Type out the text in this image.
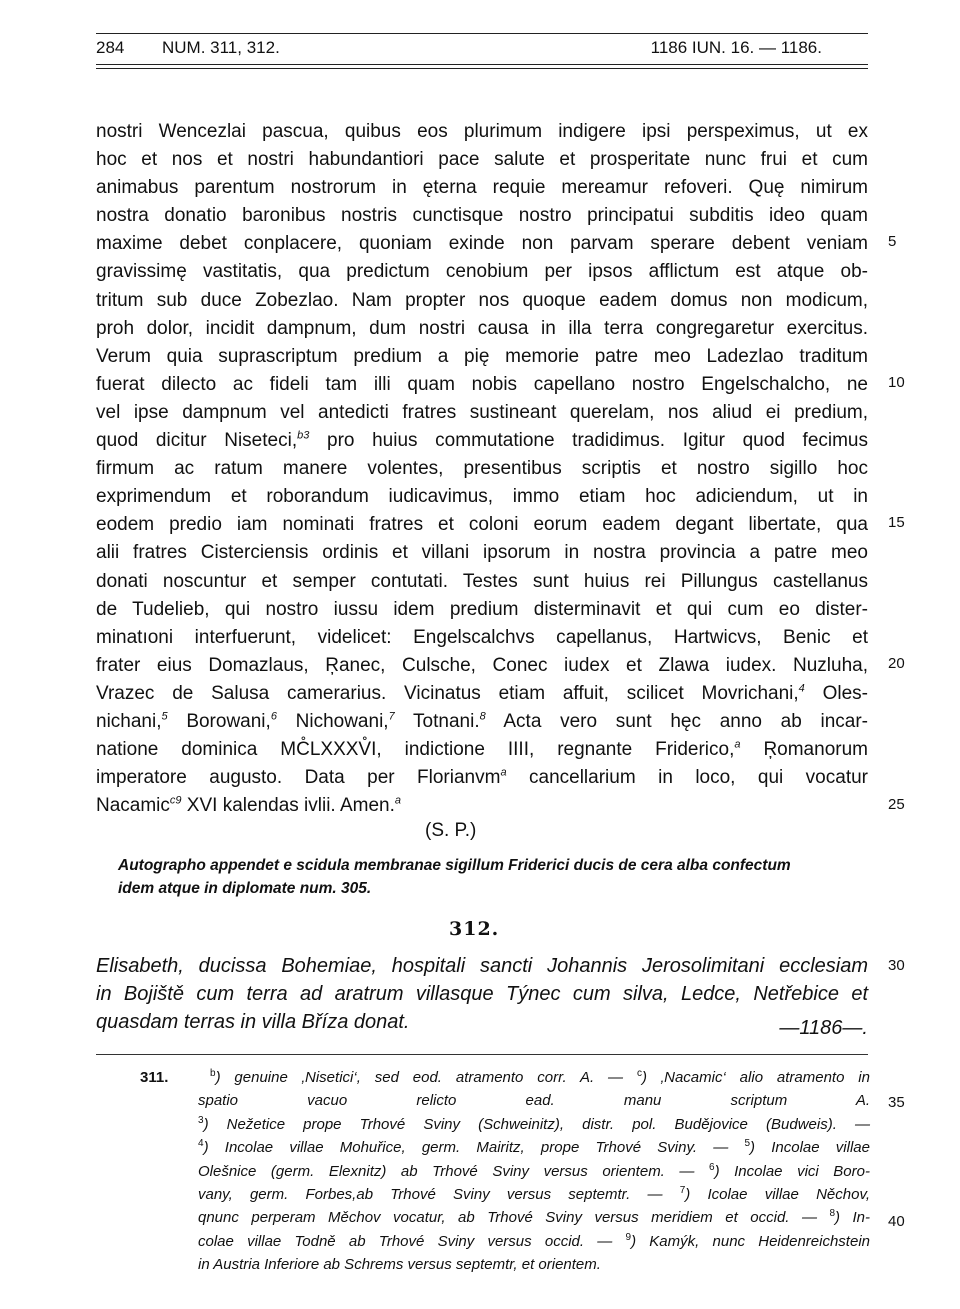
284 NUM. 311, 312.	1186 IUN. 16. — 1186.
nostri Wencezlai pascua, quibus eos plurimum indigere ipsi perspeximus, ut ex
hoc et nos et nostri habundantiori pace salute et prosperitate nunc frui et cum
animabus parentum nostrorum in ęterna requie mereamur refoveri. Quę nimirum
nostra donatio baronibus nostris cunctisque nostro principatui subditis ideo quam
maxime debet conplacere, quoniam exinde non parvam sperare debent veniam
gravissimę vastitatis, qua predictum cenobium per ipsos afflictum est atque ob-
tritum sub duce Zobezlao. Nam propter nos quoque eadem domus non modicum,
proh dolor, incidit dampnum, dum nostri causa in illa terra congregaretur exercitus.
Verum quia suprascriptum predium a pię memorie patre meo Ladezlao traditum
fuerat dilecto ac fideli tam illi quam nobis capellano nostro Engelschalcho, ne
vel ipse dampnum vel antedicti fratres sustineant querelam, nos aliud ei predium,
quod dicitur Niseteci,$^{b3}$ pro huius commutatione tradidimus. Igitur quod fecimus
firmum ac ratum manere volentes, presentibus scriptis et nostro sigillo hoc
exprimendum et roborandum iudicavimus, immo etiam hoc adiciendum, ut in
eodem predio iam nominati fratres et coloni eorum eadem degant libertate, qua
alii fratres Cisterciensis ordinis et villani ipsorum in nostra provincia a patre meo
donati noscuntur et semper contutati. Testes sunt huius rei Pillungus castellanus
de Tudelieb, qui nostro iussu idem predium disterminavit et qui cum eo dister-
minatıoni interfuerunt, videlicet: Engelscalchvs capellanus, Hartwicvs, Benic et
frater eius Domazlaus, Ŗanec, Culsche, Conec iudex et Zlawa iudex. Nuzluha,
Vrazec de Salusa camerarius. Vicinatus etiam affuit, scilicet Movrichani,$^4$ Oles-
nichani,$^5$ Borowani,$^6$ Nichowani,$^7$ Totnani.$^8$ Acta vero sunt hęc anno ab incar-
natione dominica MC̊LXXXV̊I, indictione IIII, regnante Friderico,$^a$ Ŗomanorum
imperatore augusto. Data per Florianvm$^a$ cancellarium in loco, qui vocatur
Nacamic$^{c9}$ XVI kalendas ivlii. Amen.$^a$
(S. P.)
Autographo appendet e scidula membranae sigillum Friderici ducis de cera alba confectum
idem atque in diplomate num. 305.
312.
Elisabeth, ducissa Bohemiae, hospitali sancti Johannis Jerosolimitani ecclesiam
in Bojiště cum terra ad aratrum villasque Týnec cum silva, Ledce, Netřebice et
quasdam terras in villa Bříza donat.	—1186—.
311.	$^b$) genuine ‚Nisetici‘, sed eod. atramento corr. A. — $^c$) ‚Nacamic‘ alio atramento in
spatio vacuo relicto ead. manu scriptum A.
$^3$) Nežetice prope Trhové Sviny (Schweinitz), distr. pol. Budějovice (Budweis). —
$^4$) Incolae villae Mohuřice, germ. Mairitz, prope Trhové Sviny. — $^5$) Incolae villae
Olešnice (germ. Elexnitz) ab Trhové Sviny versus orientem. — $^6$) Incolae vici Boro-
vany, germ. Forbes,ab Trhové Sviny versus septemtr. — $^7$) Icolae villae Něchov,
qnunc perperam Měchov vocatur, ab Trhové Sviny versus meridiem et occid. — $^8$) In-
colae villae Todně ab Trhové Sviny versus occid. — $^9$) Kamýk, nunc Heidenreichstein
in Austria Inferiore ab Schrems versus septemtr, et orientem.
5
10
15
20
25
30
35
40
